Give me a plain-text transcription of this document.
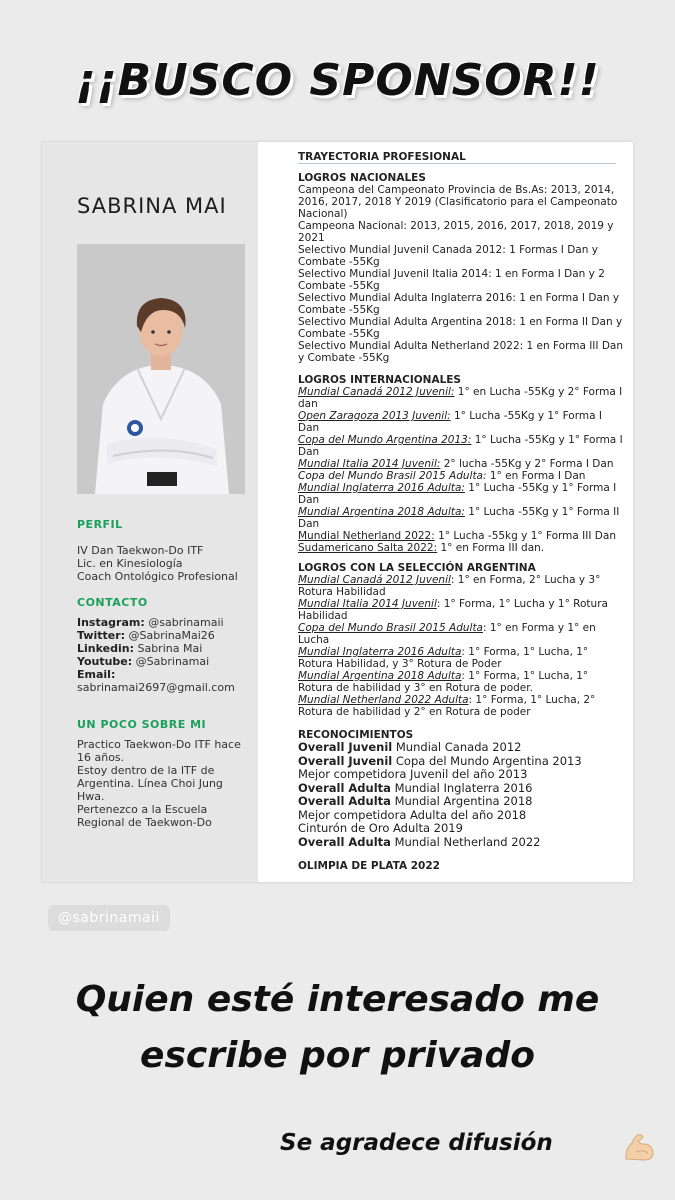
¡¡BUSCO SPONSOR!!
SABRINA MAI
PERFIL
IV Dan Taekwon-Do ITF
Lic. en Kinesiología
Coach Ontológico Profesional
CONTACTO
Instagram: @sabrinamaii
Twitter: @SabrinaMai26
Linkedin: Sabrina Mai
Youtube: @Sabrinamai
Email:
sabrinamai2697@gmail.com
UN POCO SOBRE MI
Practico Taekwon-Do ITF hace
16 años.
Estoy dentro de la ITF de
Argentina. Línea Choi Jung
Hwa.
Pertenezco a la Escuela
Regional de Taekwon-Do
TRAYECTORIA PROFESIONAL
LOGROS NACIONALES
Campeona del Campeonato Provincia de Bs.As: 2013, 2014, 2016, 2017, 2018 Y 2019 (Clasificatorio para el Campeonato Nacional)
Campeona Nacional: 2013, 2015, 2016, 2017, 2018, 2019 y 2021
Selectivo Mundial Juvenil Canada 2012: 1 Formas I Dan y Combate -55Kg
Selectivo Mundial Juvenil Italia 2014: 1 en Forma I Dan y 2 Combate -55Kg
Selectivo Mundial Adulta Inglaterra 2016: 1 en Forma I Dan y Combate -55Kg
Selectivo Mundial Adulta Argentina 2018: 1 en Forma II Dan y Combate -55Kg
Selectivo Mundial Adulta Netherland 2022: 1 en Forma III Dan y Combate -55Kg
LOGROS INTERNACIONALES
Mundial Canadá 2012 Juvenil: 1° en Lucha -55Kg y 2° Forma I dan
Open Zaragoza 2013 Juvenil: 1° Lucha -55Kg y 1° Forma I Dan
Copa del Mundo Argentina 2013: 1° Lucha -55Kg y 1° Forma I Dan
Mundial Italia 2014 Juvenil: 2° lucha -55Kg y 2° Forma I Dan
Copa del Mundo Brasil 2015 Adulta: 1° en Forma I Dan
Mundial Inglaterra 2016 Adulta: 1° Lucha -55Kg y 1° Forma I Dan
Mundial Argentina 2018 Adulta: 1° Lucha -55Kg y 1° Forma II Dan
Mundial Netherland 2022: 1° Lucha -55kg y 1° Forma III Dan
Sudamericano Salta 2022: 1° en Forma III dan.
LOGROS CON LA SELECCIÓN ARGENTINA
Mundial Canadá 2012 Juvenil: 1° en Forma, 2° Lucha y 3° Rotura Habilidad
Mundial Italia 2014 Juvenil: 1° Forma, 1° Lucha y 1° Rotura Habilidad
Copa del Mundo Brasil 2015 Adulta: 1° en Forma y 1° en Lucha
Mundial Inglaterra 2016 Adulta: 1° Forma, 1° Lucha, 1° Rotura Habilidad, y 3° Rotura de Poder
Mundial Argentina 2018 Adulta: 1° Forma, 1° Lucha, 1° Rotura de habilidad y 3° en Rotura de poder.
Mundial Netherland 2022 Adulta: 1° Forma, 1° Lucha, 2° Rotura de habilidad y 2° en Rotura de poder
RECONOCIMIENTOS
Overall Juvenil Mundial Canada 2012
Overall Juvenil Copa del Mundo Argentina 2013
Mejor competidora Juvenil del año 2013
Overall Adulta Mundial Inglaterra 2016
Overall Adulta Mundial Argentina 2018
Mejor competidora Adulta del año 2018
Cinturón de Oro Adulta 2019
Overall Adulta Mundial Netherland 2022
OLIMPIA DE PLATA 2022
@sabrinamaii
Quien esté interesado me
escribe por privado
Se agradece difusión
